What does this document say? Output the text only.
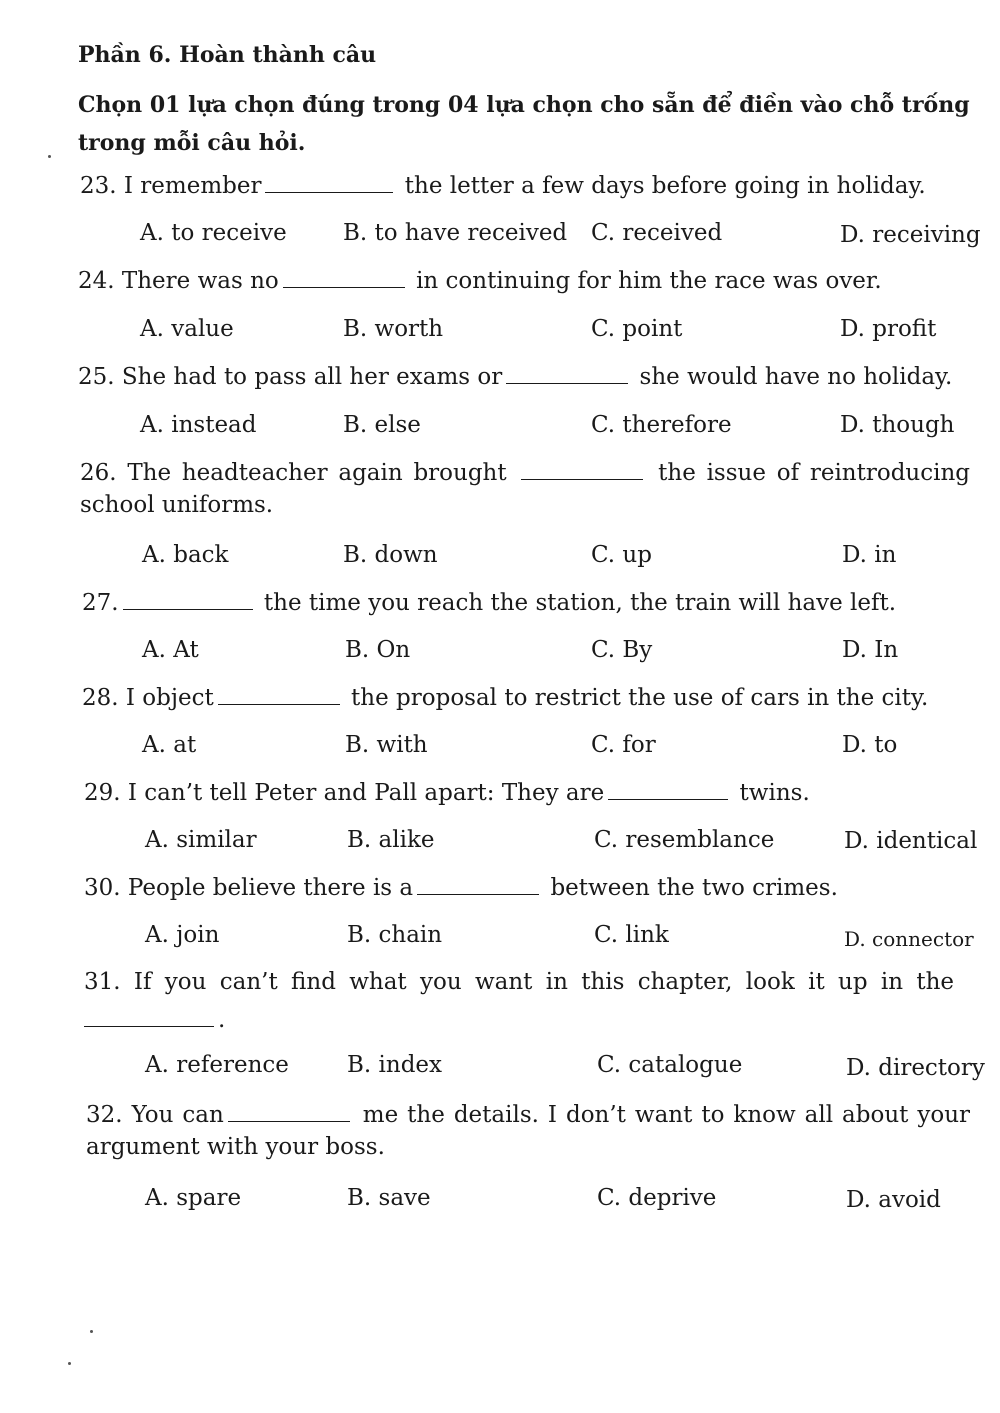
Phần 6. Hoàn thành câu
Chọn 01 lựa chọn đúng trong 04 lựa chọn cho sẵn để điền vào chỗ trống trong mỗi câu hỏi.
23. I remember	the letter a few days before going in holiday.
A. to receive B. to have received C. received	D. receiving
24. There was no	in continuing for him the race was over.
A. value	B. worth	C. point	D. profit
25. She had to pass all her exams or	she would have no holiday.
A. instead	B. else	C. therefore	D. though
26. The headteacher again brought	the issue of reintroducing school uniforms.
A. back	B. down	C. up	D. in
27.	the time you reach the station, the train will have left.
A. At	B. On	C. By	D. In
28. I object	the proposal to restrict the use of cars in the city.
A. at	B. with	C. for	D. to
29. I can’t tell Peter and Pall apart: They are	twins.
A. similar	B. alike	C. resemblance	D. identical
30. People believe there is a	between the two crimes.
A. join	B. chain	C. link	D. connector
31. If you can’t find what you want in this chapter, look it up in the
.
A. reference	B. index	C. catalogue	D. directory
32. You can	me the details. I don’t want to know all about your argument with your boss.
A. spare	B. save	C. deprive	D. avoid
